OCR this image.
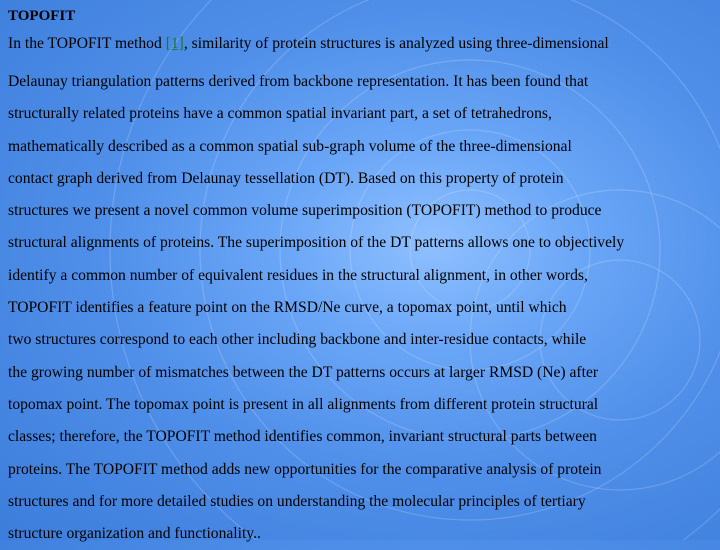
TOPOFIT

In the TOPOFIT method [1], similarity of protein structures is analyzed using three-dimensional

Delaunay triangulation patterns derived from backbone representation. It has been found that

structurally related proteins have a common spatial invariant part, a set of tetrahedrons,

mathematically described as a common spatial sub-graph volume of the three-dimensional

contact graph derived from Delaunay tessellation (DT). Based on this property of protein

structures we present a novel common volume superimposition (TOPOFIT) method to produce

structural alignments of proteins. The superimposition of the DT patterns allows one to objectively

identify a common number of equivalent residues in the structural alignment, in other words,

TOPOFIT identifies a feature point on the RMSD/Ne curve, a topomax point, until which

two structures correspond to each other including backbone and inter-residue contacts, while

the growing number of mismatches between the DT patterns occurs at larger RMSD (Ne) after

topomax point. The topomax point is present in all alignments from different protein structural

classes; therefore, the TOPOFIT method identifies common, invariant structural parts between

proteins. The TOPOFIT method adds new opportunities for the comparative analysis of protein

structures and for more detailed studies on understanding the molecular principles of tertiary

structure organization and functionality..
